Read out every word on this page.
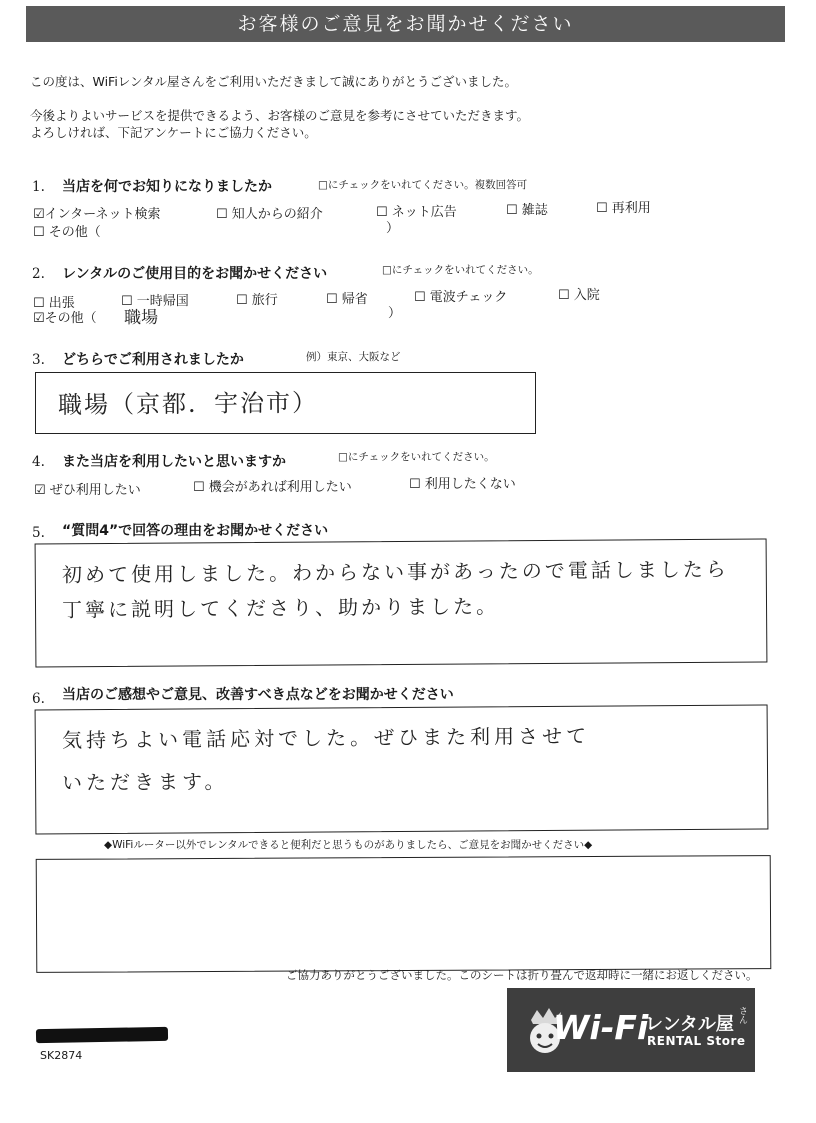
お客様のご意見をお聞かせください
この度は、WiFiレンタル屋さんをご利用いただきまして誠にありがとうございました。
今後よりよいサービスを提供できるよう、お客様のご意見を参考にさせていただきます。
よろしければ、下記アンケートにご協力ください。
1. 当店を何でお知りになりましたか	□にチェックをいれてください。複数回答可
☑インターネット検索	☐ 知人からの紹介	☐ ネット広告	☐ 雑誌	☐ 再利用
☐ その他（	）
2. レンタルのご使用目的をお聞かせください	□にチェックをいれてください。
☐ 出張	☐ 一時帰国	☐ 旅行	☐ 帰省	☐ 電波チェック	☐ 入院
☑その他（ 職場	）
3. どちらでご利用されましたか	例）東京、大阪など
職場（京都．宇治市）
4. また当店を利用したいと思いますか	□にチェックをいれてください。
☑ ぜひ利用したい	☐ 機会があれば利用したい	☐ 利用したくない
5. “質問4”で回答の理由をお聞かせください
初めて使用しました。わからない事があったので電話しましたら
丁寧に説明してくださり、助かりました。
6. 当店のご感想やご意見、改善すべき点などをお聞かせください
気持ちよい電話応対でした。ぜひまた利用させて
いただきます。
◆WiFiルーター以外でレンタルできると便利だと思うものがありましたら、ご意見をお聞かせください◆
ご協力ありがとうございました。このシートは折り畳んで返却時に一緒にお返しください。
SK2874
Wi-Fi
レンタル屋 さん
RENTAL Store
